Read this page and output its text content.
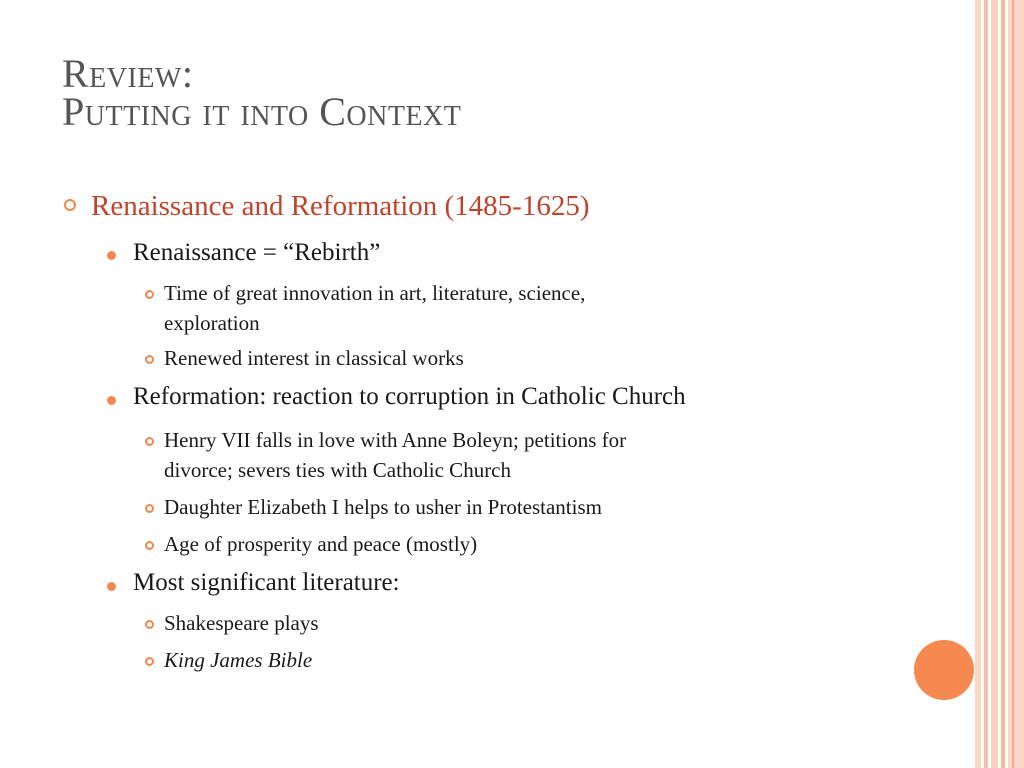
Review:
Putting it into Context
Renaissance and Reformation (1485-1625)
Renaissance = “Rebirth”
Time of great innovation in art, literature, science,
exploration
Renewed interest in classical works
Reformation: reaction to corruption in Catholic Church
Henry VII falls in love with Anne Boleyn; petitions for
divorce; severs ties with Catholic Church
Daughter Elizabeth I helps to usher in Protestantism
Age of prosperity and peace (mostly)
Most significant literature:
Shakespeare plays
King James Bible
